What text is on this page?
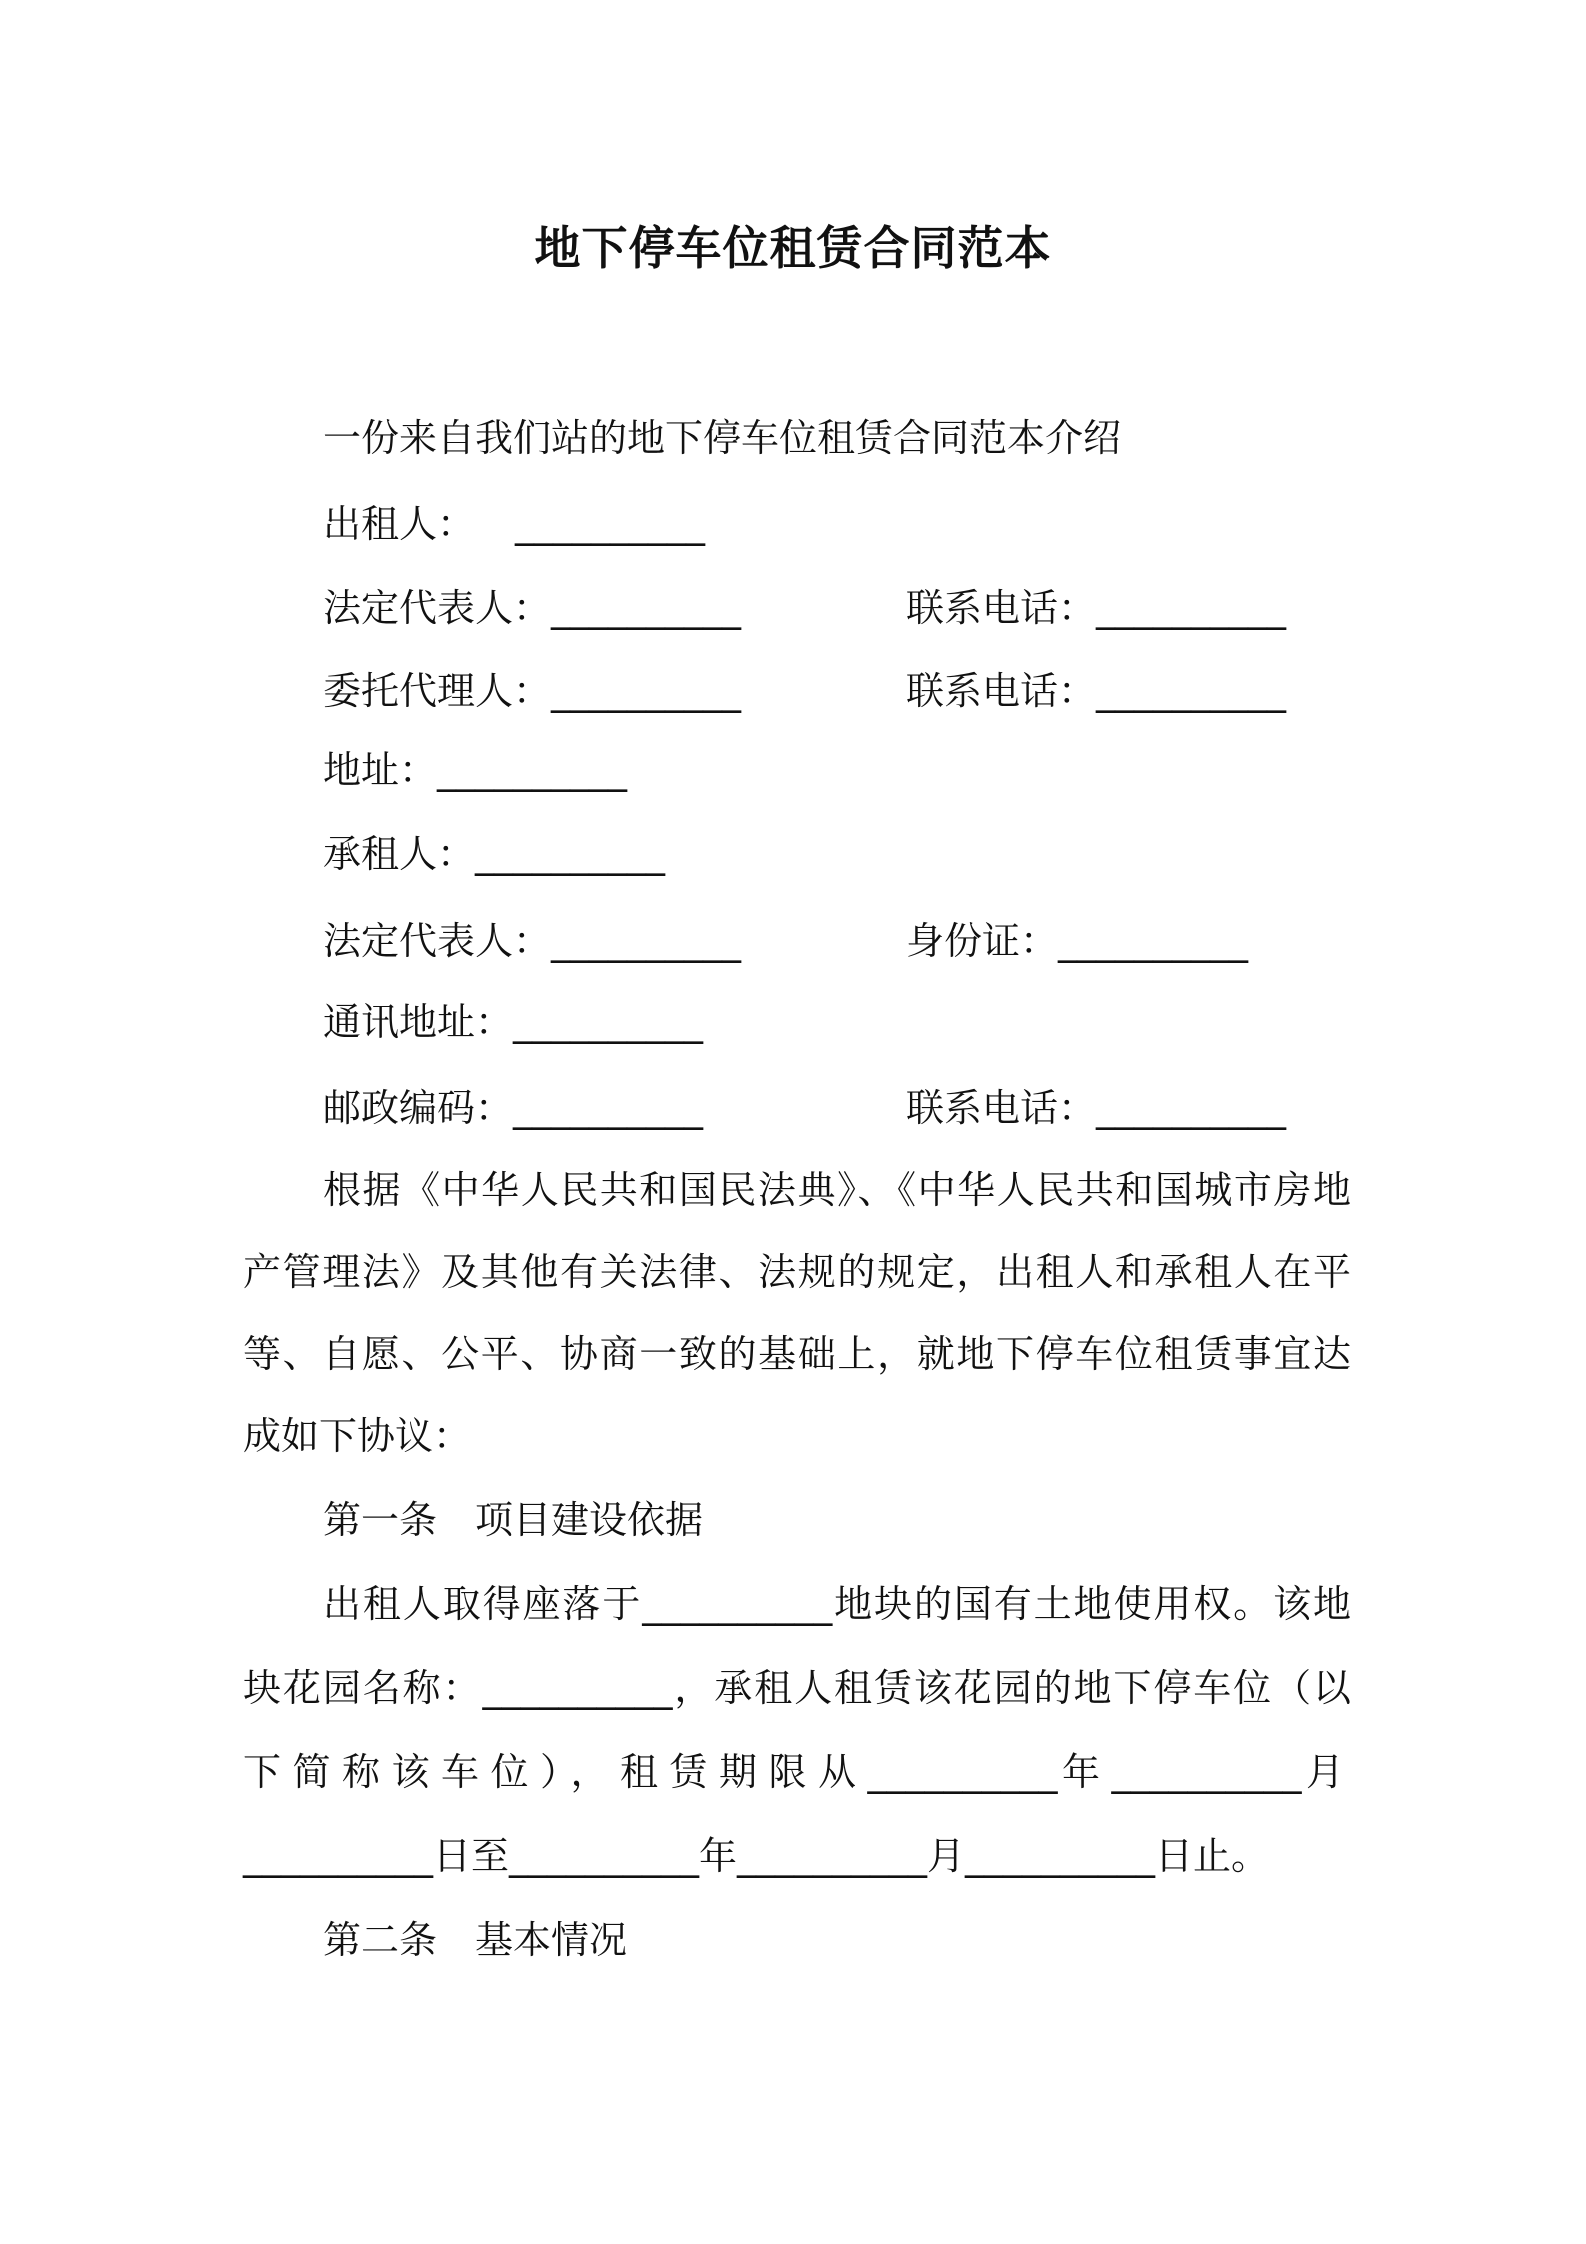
地下停车位租赁合同范本
一份来自我们站的地下停车位租赁合同范本介绍
出租人： __________
法定代表人：__________	联系电话：__________
委托代理人：__________	联系电话：__________
地址：__________
承租人：__________
法定代表人：__________	身份证：__________
通讯地址：__________
邮政编码：__________	联系电话：__________
根据《中华人民共和国民法典》、《中华人民共和国城市房地
产管理法》及其他有关法律、法规的规定，出租人和承租人在平
等、自愿、公平、协商一致的基础上，就地下停车位租赁事宜达
成如下协议：
第一条　项目建设依据
出租人取得座落于__________地块的国有土地使用权。该地
块花园名称：__________，承租人租赁该花园的地下停车位（以
下简称该车位），租赁期限从__________年__________月
__________日至__________年__________月__________日止。
第二条　基本情况
